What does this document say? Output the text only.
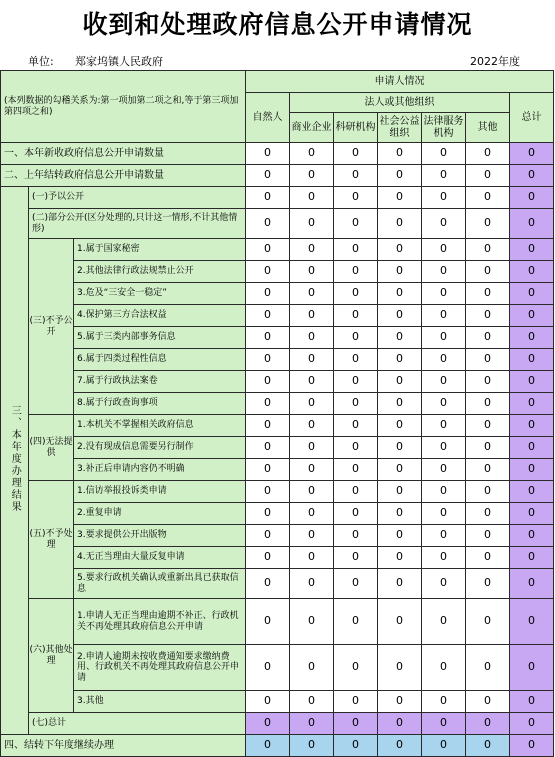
收到和处理政府信息公开申请情况
单位: 郑家坞镇人民政府	2022年度
(本列数据的勾稽关系为:第一项加第二项之和,等于第三项加第四项之和)			申请人情况						
			自然人	法人或其他组织					总计
				商业企业	科研机构	社会公益组织	法律服务机构	其他	
一、本年新收政府信息公开申请数量			0	0	0	0	0	0	0
二、上年结转政府信息公开申请数量			0	0	0	0	0	0	0
三、本年度办理结果	(一)予以公开		0	0	0	0	0	0	0
	(二)部分公开(区分处理的,只计这一情形,不计其他情形)		0	0	0	0	0	0	0
	(三)不予公开	1.属于国家秘密	0	0	0	0	0	0	0
		2.其他法律行政法规禁止公开	0	0	0	0	0	0	0
		3.危及“三安全一稳定”	0	0	0	0	0	0	0
		4.保护第三方合法权益	0	0	0	0	0	0	0
		5.属于三类内部事务信息	0	0	0	0	0	0	0
		6.属于四类过程性信息	0	0	0	0	0	0	0
		7.属于行政执法案卷	0	0	0	0	0	0	0
		8.属于行政查询事项	0	0	0	0	0	0	0
	(四)无法提供	1.本机关不掌握相关政府信息	0	0	0	0	0	0	0
		2.没有现成信息需要另行制作	0	0	0	0	0	0	0
		3.补正后申请内容仍不明确	0	0	0	0	0	0	0
	(五)不予处理	1.信访举报投诉类申请	0	0	0	0	0	0	0
		2.重复申请	0	0	0	0	0	0	0
		3.要求提供公开出版物	0	0	0	0	0	0	0
		4.无正当理由大量反复申请	0	0	0	0	0	0	0
		5.要求行政机关确认或重新出具已获取信息	0	0	0	0	0	0	0
	(六)其他处理	1.申请人无正当理由逾期不补正、行政机关不再处理其政府信息公开申请	0	0	0	0	0	0	0
		2.申请人逾期未按收费通知要求缴纳费用、行政机关不再处理其政府信息公开申请	0	0	0	0	0	0	0
		3.其他	0	0	0	0	0	0	0
	(七)总计		0	0	0	0	0	0	0
四、结转下年度继续办理			0	0	0	0	0	0	0
